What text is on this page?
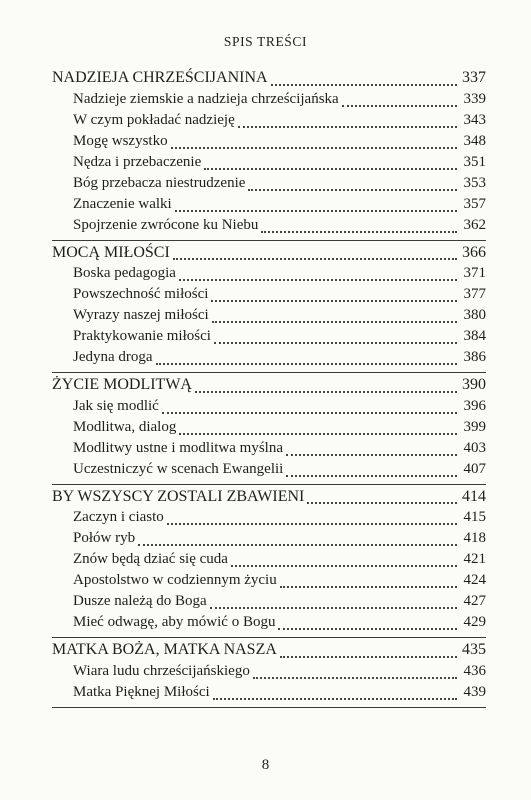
SPIS TREŚCI
NADZIEJA CHRZEŚCIJANINA	337
Nadzieje ziemskie a nadzieja chrześcijańska	339
W czym pokładać nadzieję	343
Mogę wszystko	348
Nędza i przebaczenie	351
Bóg przebacza niestrudzenie	353
Znaczenie walki	357
Spojrzenie zwrócone ku Niebu	362
MOCĄ MIŁOŚCI	366
Boska pedagogia	371
Powszechność miłości	377
Wyrazy naszej miłości	380
Praktykowanie miłości	384
Jedyna droga	386
ŻYCIE MODLITWĄ	390
Jak się modlić	396
Modlitwa, dialog	399
Modlitwy ustne i modlitwa myślna	403
Uczestniczyć w scenach Ewangelii	407
BY WSZYSCY ZOSTALI ZBAWIENI	414
Zaczyn i ciasto	415
Połów ryb	418
Znów będą dziać się cuda	421
Apostolstwo w codziennym życiu	424
Dusze należą do Boga	427
Mieć odwagę, aby mówić o Bogu	429
MATKA BOŻA, MATKA NASZA	435
Wiara ludu chrześcijańskiego	436
Matka Pięknej Miłości	439
8
